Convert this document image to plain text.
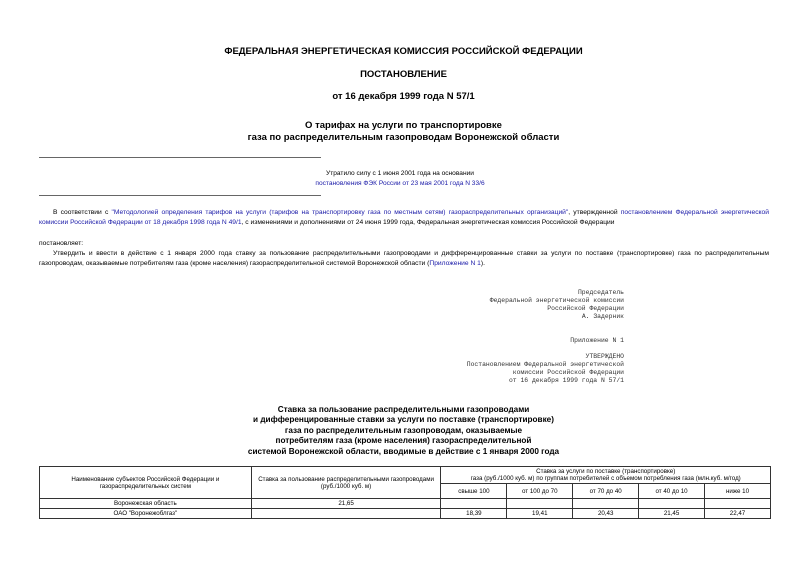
ФЕДЕРАЛЬНАЯ ЭНЕРГЕТИЧЕСКАЯ КОМИССИЯ РОССИЙСКОЙ ФЕДЕРАЦИИ
ПОСТАНОВЛЕНИЕ
от 16 декабря 1999 года N 57/1
О тарифах на услуги по транспортировке
газа по распределительным газопроводам Воронежской области
Утратило силу с 1 июня 2001 года на основании
постановления ФЭК России от 23 мая 2001 года N 33/6
В соответствии с "Методологией определения тарифов на услуги (тарифов на транспортировку газа по местным сетям) газораспределительных организаций", утвержденной постановлением Федеральной энергетической комиссии Российской Федерации от 18 декабря 1998 года N 49/1, с изменениями и дополнениями от 24 июня 1999 года, Федеральная энергетическая комиссия Российской Федерации
постановляет:
Утвердить и ввести в действие с 1 января 2000 года ставку за пользование распределительными газопроводами и дифференцированные ставки за услуги по поставке (транспортировке) газа по распределительным газопроводам, оказываемые потребителям газа (кроме населения) газораспределительной системой Воронежской области (Приложение N 1).
Председатель
Федеральной энергетической комиссии
Российской Федерации
А. Задерник
Приложение N 1
УТВЕРЖДЕНО
Постановлением Федеральной энергетической
комиссии Российской Федерации
от 16 декабря 1999 года N 57/1
Ставка за пользование распределительными газопроводами
и дифференцированные ставки за услуги по поставке (транспортировке)
газа по распределительным газопроводам, оказываемые
потребителям газа (кроме населения) газораспределительной
системой Воронежской области, вводимые в действие с 1 января 2000 года
Наименование субъектов Российской Федерации и газораспределительных систем	Ставка за пользование распределительными газопроводами (руб./1000 куб. м)	Ставка за услуги по поставке (транспортировке)
газа (руб./1000 куб. м) по группам потребителей с объемом потребления газа (млн.куб. м/год)				

		свыше 100	от 100 до 70	от 70 до 40	от 40 до 10	ниже 10
Воронежская область	21,65					
ОАО "Воронежоблгаз"		18,39	19,41	20,43	21,45	22,47
